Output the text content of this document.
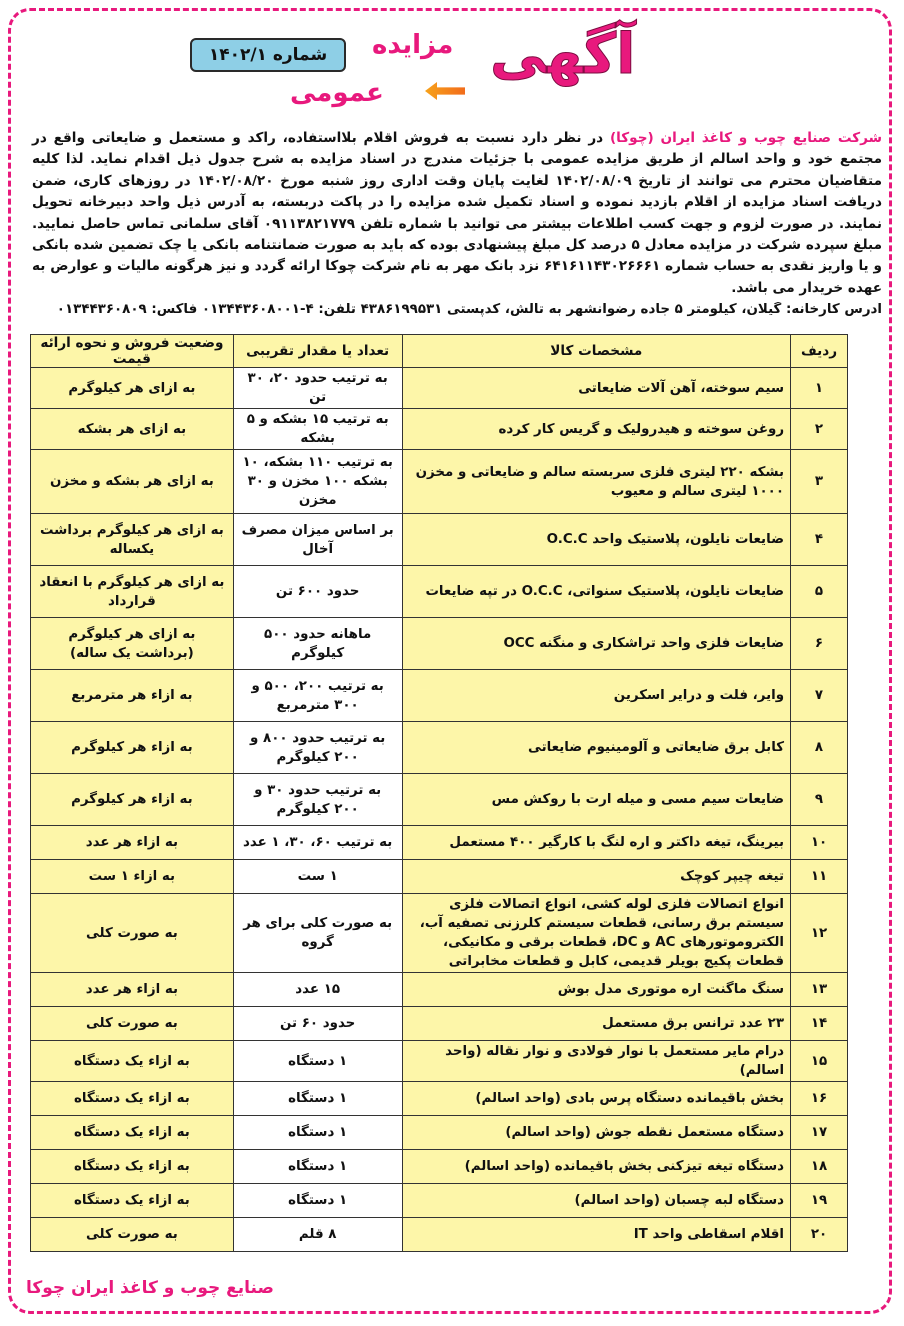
شماره ۱۴۰۲/۱	آگهی
مزایده
عمومی
شرکت صنایع چوب و کاغذ ایران (چوکا) در نظر دارد نسبت به فروش اقلام بلااستفاده، راکد و مستعمل و ضایعاتی واقع در مجتمع خود و واحد اسالم از طریق مزایده عمومی با جزئیات مندرج در اسناد مزایده به شرح جدول ذیل اقدام نماید. لذا کلیه متقاضیان محترم می توانند از تاریخ ۱۴۰۲/۰۸/۰۹ لغایت پایان وقت اداری روز شنبه مورخ ۱۴۰۲/۰۸/۲۰ در روزهای کاری، ضمن دریافت اسناد مزایده از اقلام بازدید نموده و اسناد تکمیل شده مزایده را در پاکت دربسته، به آدرس ذیل واحد دبیرخانه تحویل نمایند. در صورت لزوم و جهت کسب اطلاعات بیشتر می توانید با شماره تلفن ۰۹۱۱۳۸۲۱۷۷۹ آقای سلمانی تماس حاصل نمایید. مبلغ سپرده شرکت در مزایده معادل ۵ درصد کل مبلغ پیشنهادی بوده که باید به صورت ضمانتنامه بانکی یا چک تضمین شده بانکی و یا واریز نقدی به حساب شماره ۶۴۱۶۱۱۴۳۰۲۶۶۶۱ نزد بانک مهر به نام شرکت چوکا ارائه گردد و نیز هرگونه مالیات و عوارض به عهده خریدار می باشد.
آدرس کارخانه: گیلان، کیلومتر ۵ جاده رضوانشهر به تالش، کدپستی ۴۳۸۶۱۹۹۵۳۱ تلفن: ۴-۰۱۳۴۴۳۶۰۸۰۰۱ فاکس: ۰۱۳۴۴۳۶۰۸۰۹
ردیف	مشخصات کالا	تعداد یا مقدار تقریبی	وضعیت فروش و نحوه ارائه قیمت
۱	سیم سوخته، آهن آلات ضایعاتی	به ترتیب حدود ۲۰، ۳۰ تن	به ازای هر کیلوگرم
۲	روغن سوخته و هیدرولیک و گریس کار کرده	به ترتیب ۱۵ بشکه و ۵ بشکه	به ازای هر بشکه
۳	بشکه ۲۲۰ لیتری فلزی سربسته سالم و ضایعاتی و مخزن ۱۰۰۰ لیتری سالم و معیوب	به ترتیب ۱۱۰ بشکه، ۱۰ بشکه ۱۰۰ مخزن و ۳۰ مخزن	به ازای هر بشکه و مخزن
۴	ضایعات نایلون، پلاستیک واحد O.C.C	بر اساس میزان مصرف آخال	به ازای هر کیلوگرم برداشت یکساله
۵	ضایعات نایلون، پلاستیک سنواتی، O.C.C در تپه ضایعات	حدود ۶۰۰ تن	به ازای هر کیلوگرم با انعقاد قرارداد
۶	ضایعات فلزی واحد تراشکاری و منگنه OCC	ماهانه حدود ۵۰۰ کیلوگرم	به ازای هر کیلوگرم (برداشت یک ساله)
۷	وایر، فلت و درایر اسکرین	به ترتیب ۲۰۰، ۵۰۰ و ۳۰۰ مترمربع	به ازاء هر مترمربع
۸	کابل برق ضایعاتی و آلومینیوم ضایعاتی	به ترتیب حدود ۸۰۰ و ۲۰۰ کیلوگرم	به ازاء هر کیلوگرم
۹	ضایعات سیم مسی و میله ارت با روکش مس	به ترتیب حدود ۳۰ و ۲۰۰ کیلوگرم	به ازاء هر کیلوگرم
۱۰	بیرینگ، تیغه داکتر و اره لنگ با کارگیر ۴۰۰ مستعمل	به ترتیب ۶۰، ۳۰، ۱ عدد	به ازاء هر عدد
۱۱	تیغه چیپر کوچک	۱ ست	به ازاء ۱ ست
۱۲	انواع اتصالات فلزی لوله کشی، انواع اتصالات فلزی سیستم برق رسانی، قطعات سیستم کلرزنی تصفیه آب، الکتروموتورهای AC و DC، قطعات برقی و مکانیکی، قطعات پکیج بویلر قدیمی، کابل و قطعات مخابراتی	به صورت کلی برای هر گروه	به صورت کلی
۱۳	سنگ ماگنت اره موتوری مدل بوش	۱۵ عدد	به ازاء هر عدد
۱۴	۲۳ عدد ترانس برق مستعمل	حدود ۶۰ تن	به صورت کلی
۱۵	درام مایر مستعمل با نوار فولادی و نوار نقاله (واحد اسالم)	۱ دستگاه	به ازاء یک دستگاه
۱۶	بخش باقیمانده دستگاه پرس بادی (واحد اسالم)	۱ دستگاه	به ازاء یک دستگاه
۱۷	دستگاه مستعمل نقطه جوش (واحد اسالم)	۱ دستگاه	به ازاء یک دستگاه
۱۸	دستگاه تیغه تیزکنی بخش باقیمانده (واحد اسالم)	۱ دستگاه	به ازاء یک دستگاه
۱۹	دستگاه لبه چسبان (واحد اسالم)	۱ دستگاه	به ازاء یک دستگاه
۲۰	اقلام اسقاطی واحد IT	۸ قلم	به صورت کلی
صنایع چوب و کاغذ ایران چوکا
